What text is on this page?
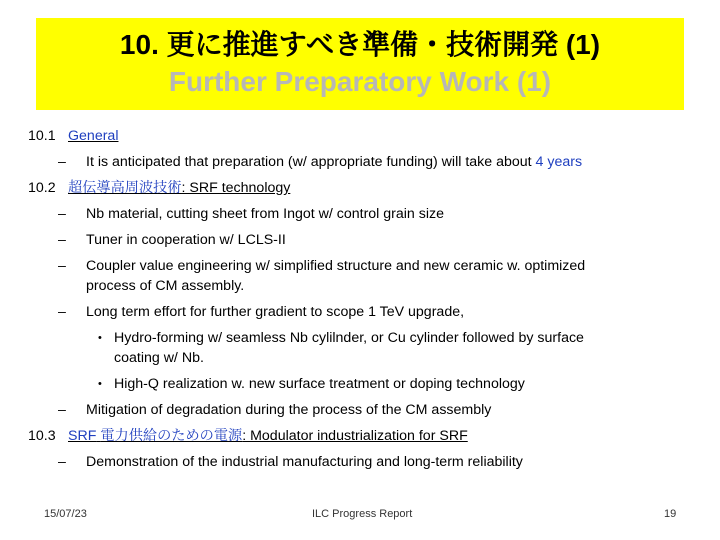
10. 更に推進すべき準備・技術開発 (1)
Further Preparatory Work (1)
10.1 General
– It is anticipated that preparation (w/ appropriate funding) will take about 4 years
10.2 超伝導高周波技術: SRF technology
– Nb material, cutting sheet from Ingot w/ control grain size
– Tuner in cooperation w/ LCLS-II
– Coupler value engineering w/ simplified structure and new ceramic w. optimized
process of CM assembly.
– Long term effort for further gradient to scope 1 TeV upgrade,
• Hydro-forming w/ seamless Nb cylilnder, or Cu cylinder followed by surface
coating w/ Nb.
• High-Q realization w. new surface treatment or doping technology
– Mitigation of degradation during the process of the CM assembly
10.3 SRF 電力供給のための電源: Modulator industrialization for SRF
– Demonstration of the industrial manufacturing and long-term reliability
15/07/23	ILC Progress Report	19
